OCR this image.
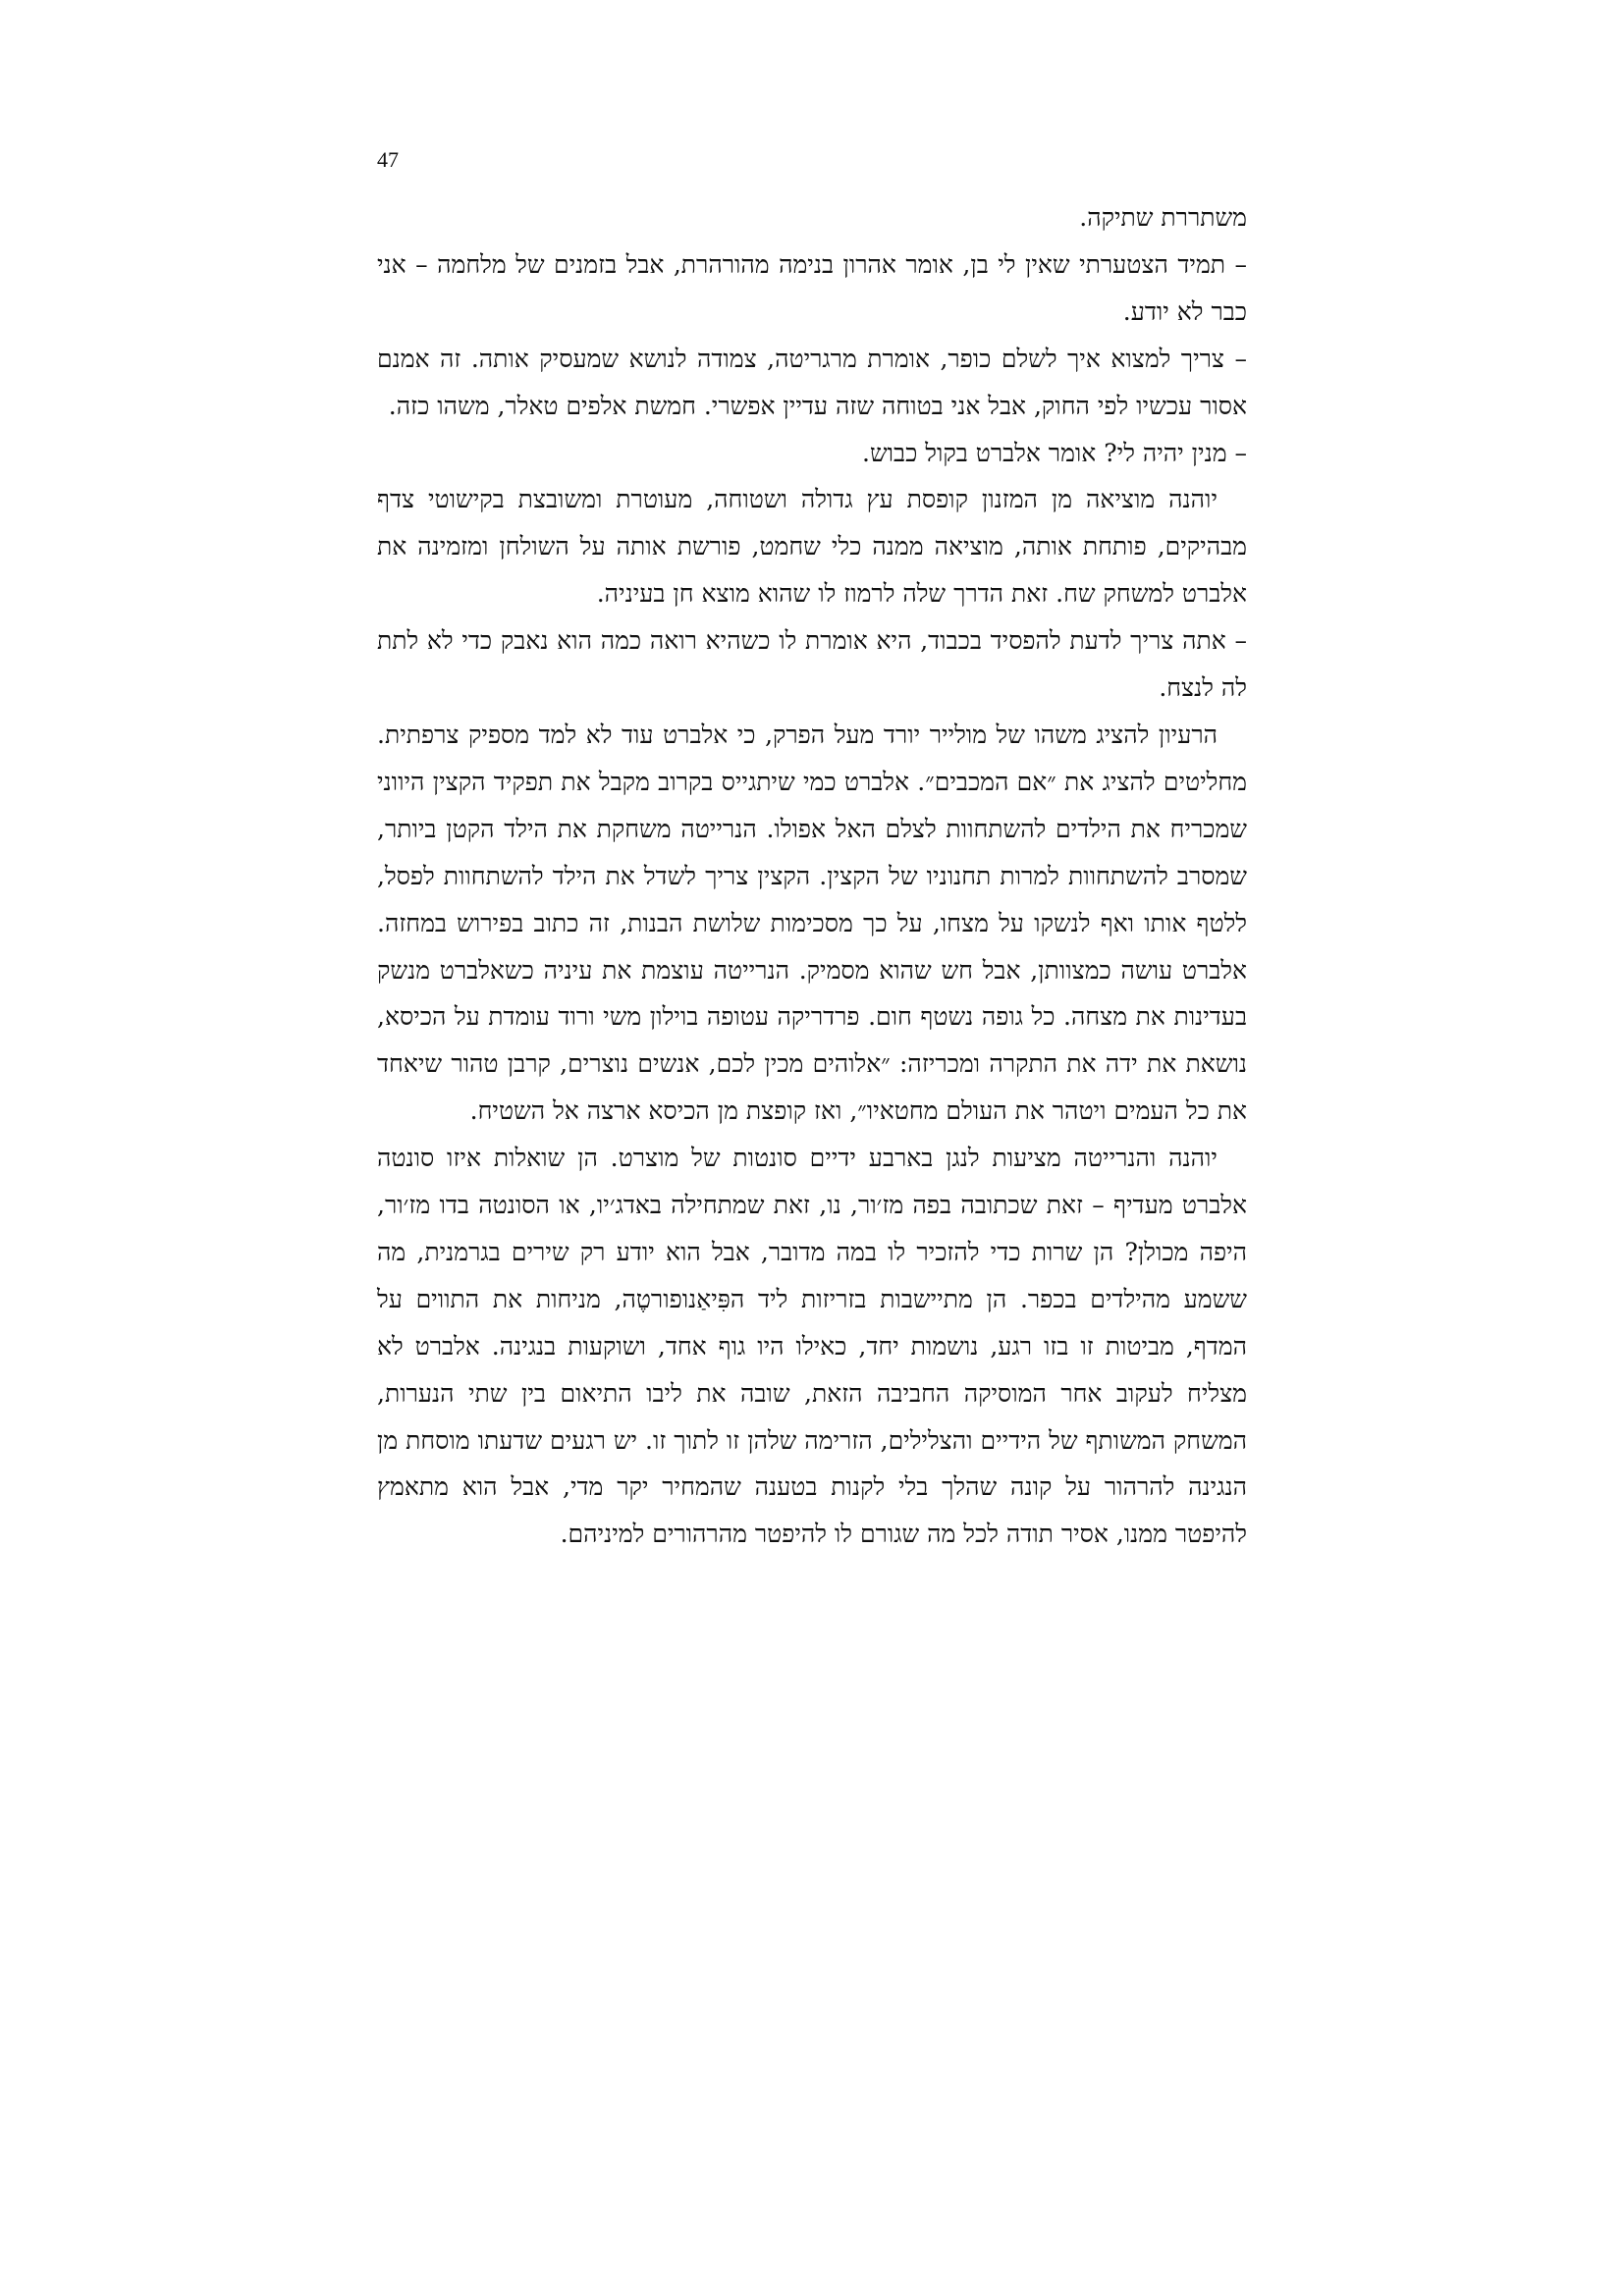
47

משתררת שתיקה.

– תמיד הצטערתי שאין לי בן, אומר אהרון בנימה מהורהרת, אבל בזמנים של מלחמה – אני כבר לא יודע.

– צריך למצוא איך לשלם כופר, אומרת מרגריטה, צמודה לנושא שמעסיק אותה. זה אמנם אסור עכשיו לפי החוק, אבל אני בטוחה שזה עדיין אפשרי. חמשת אלפים טאלר, משהו כזה.

– מנין יהיה לי? אומר אלברט בקול כבוש.

יוהנה מוציאה מן המזנון קופסת עץ גדולה ושטוחה, מעוטרת ומשובצת בקישוטי צדף מבהיקים, פותחת אותה, מוציאה ממנה כלי שחמט, פורשת אותה על השולחן ומזמינה את אלברט למשחק שח. זאת הדרך שלה לרמוז לו שהוא מוצא חן בעיניה.

– אתה צריך לדעת להפסיד בכבוד, היא אומרת לו כשהיא רואה כמה הוא נאבק כדי לא לתת לה לנצח.

הרעיון להציג משהו של מולייר יורד מעל הפרק, כי אלברט עוד לא למד מספיק צרפתית. מחליטים להציג את ״אם המכבים״. אלברט כמי שיתגייס בקרוב מקבל את תפקיד הקצין היווני שמכריח את הילדים להשתחוות לצלם האל אפולו. הנרייטה משחקת את הילד הקטן ביותר, שמסרב להשתחוות למרות תחנוניו של הקצין. הקצין צריך לשדל את הילד להשתחוות לפסל, ללטף אותו ואף לנשקו על מצחו, על כך מסכימות שלושת הבנות, זה כתוב בפירוש במחזה. אלברט עושה כמצוותן, אבל חש שהוא מסמיק. הנרייטה עוצמת את עיניה כשאלברט מנשק בעדינות את מצחה. כל גופה נשטף חום. פרדריקה עטופה בוילון משי ורוד עומדת על הכיסא, נושאת את ידה את התקרה ומכריזה: ״אלוהים מכין לכם, אנשים נוצרים, קרבן טהור שיאחד את כל העמים ויטהר את העולם מחטאיו״, ואז קופצת מן הכיסא ארצה אל השטיח.

יוהנה והנרייטה מציעות לנגן בארבע ידיים סונטות של מוצרט. הן שואלות איזו סונטה אלברט מעדיף – זאת שכתובה בפה מז׳ור, נו, זאת שמתחילה באדג׳יו, או הסונטה בדו מז׳ור, היפה מכולן? הן שרות כדי להזכיר לו במה מדובר, אבל הוא יודע רק שירים בגרמנית, מה ששמע מהילדים בכפר. הן מתיישבות בזריזות ליד הפִּיאַנופורטֶה, מניחות את התווים על המדף, מביטות זו בזו רגע, נושמות יחד, כאילו היו גוף אחד, ושוקעות בנגינה. אלברט לא מצליח לעקוב אחר המוסיקה החביבה הזאת, שובה את ליבו התיאום בין שתי הנערות, המשחק המשותף של הידיים והצלילים, הזרימה שלהן זו לתוך זו. יש רגעים שדעתו מוסחת מן הנגינה להרהור על קונה שהלך בלי לקנות בטענה שהמחיר יקר מדי, אבל הוא מתאמץ להיפטר ממנו, אסיר תודה לכל מה שגורם לו להיפטר מהרהורים למיניהם.
